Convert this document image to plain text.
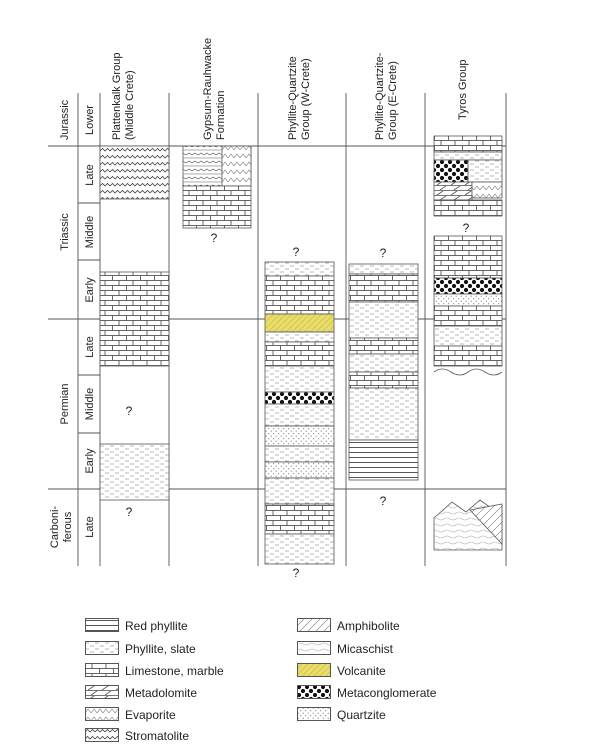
Plattenkalk Group (Middle Crete)	Gypsum-Rauhwacke Formation	Phyllite-Quartzite Group (W-Crete)	Phyllite-Quartzite- Group (E-Crete)	Tyros Group
Jurassic
Triassic
Permian
Carboni- ferous
Lower
Late
Middle
Early
Late
Middle
Early
Late
?
?
?
?
?
?
?
?
Red phyllite
Phyllite, slate
Limestone, marble
Metadolomite
Evaporite
Stromatolite
Amphibolite
Micaschist
Volcanite
Metaconglomerate
Quartzite
